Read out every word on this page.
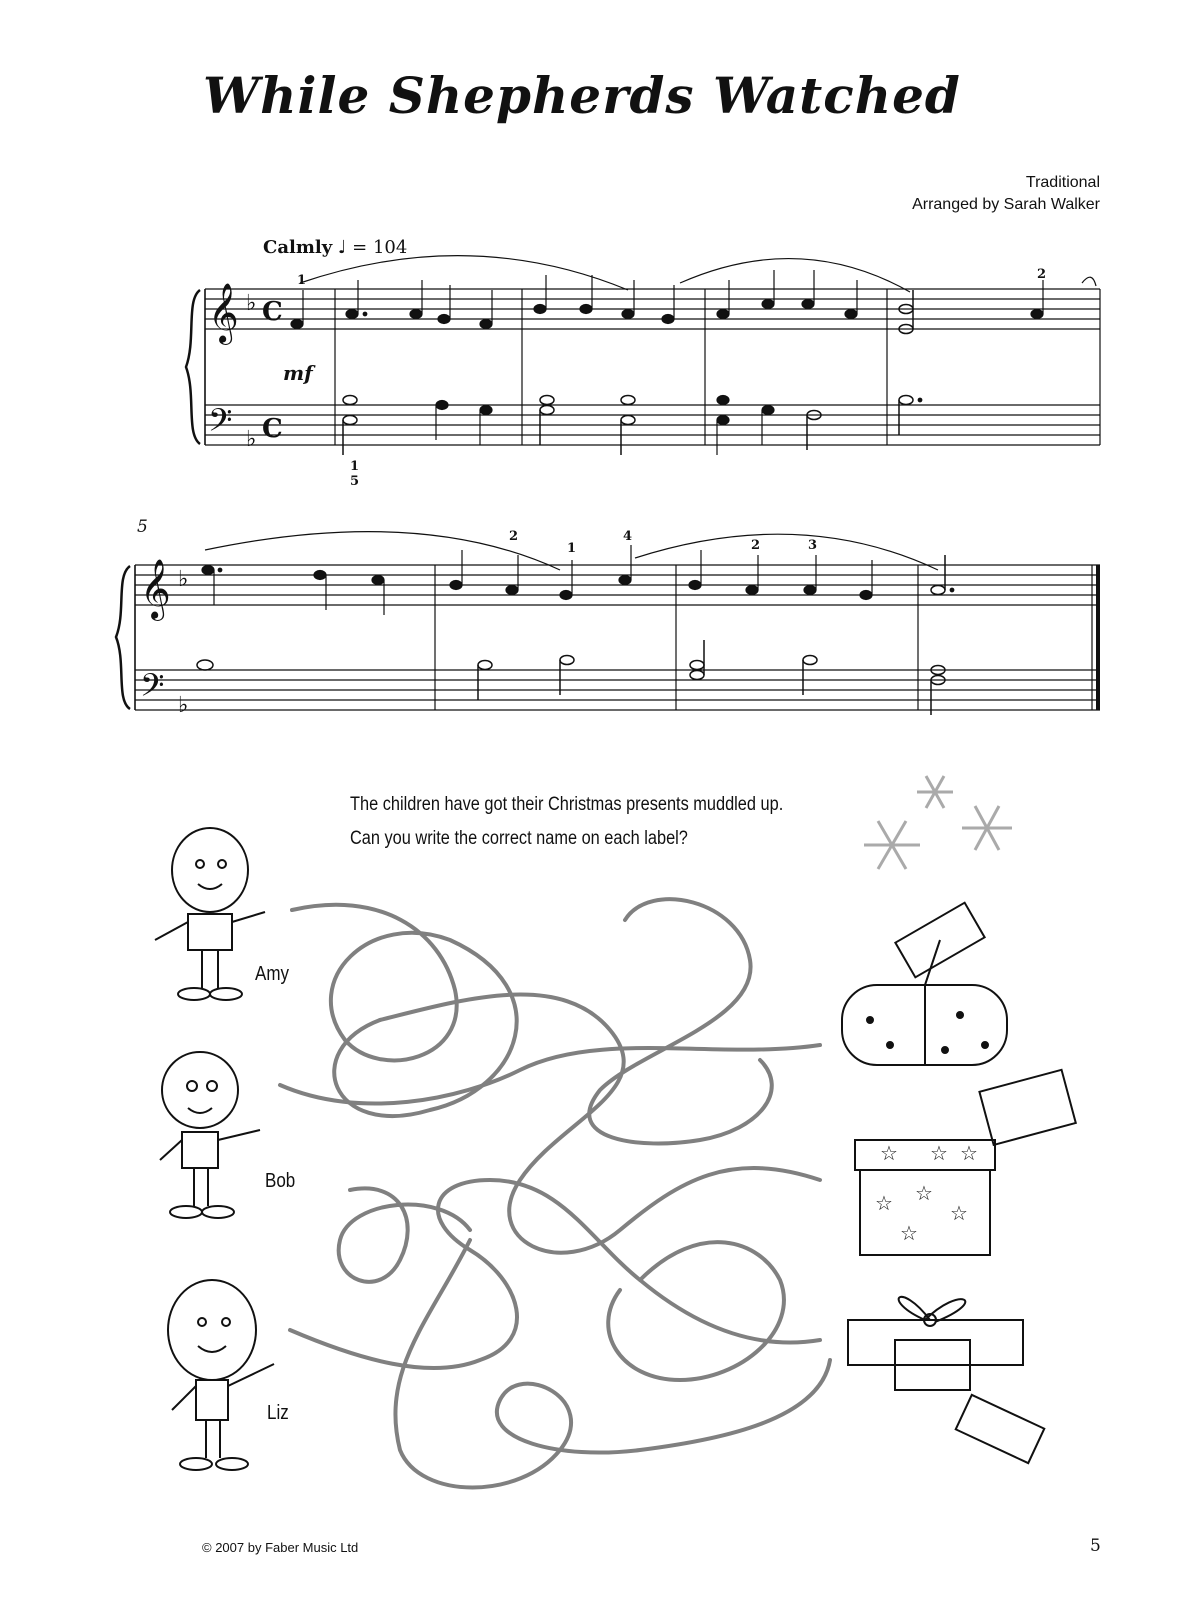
While Shepherds Watched
Traditional
Arranged by Sarah Walker
Calmly ♩ = 104
𝄞
𝄢
♭
♭
C
C
𝄞
𝄢
♭
♭
1	2
1
5
2
1
4
2	3
mf
5
The children have got their Christmas presents muddled up.
Can you write the correct name on each label?
☆ ☆ ☆
☆ ☆
☆
☆
Amy
Bob
Liz
© 2007 by Faber Music Ltd	5
